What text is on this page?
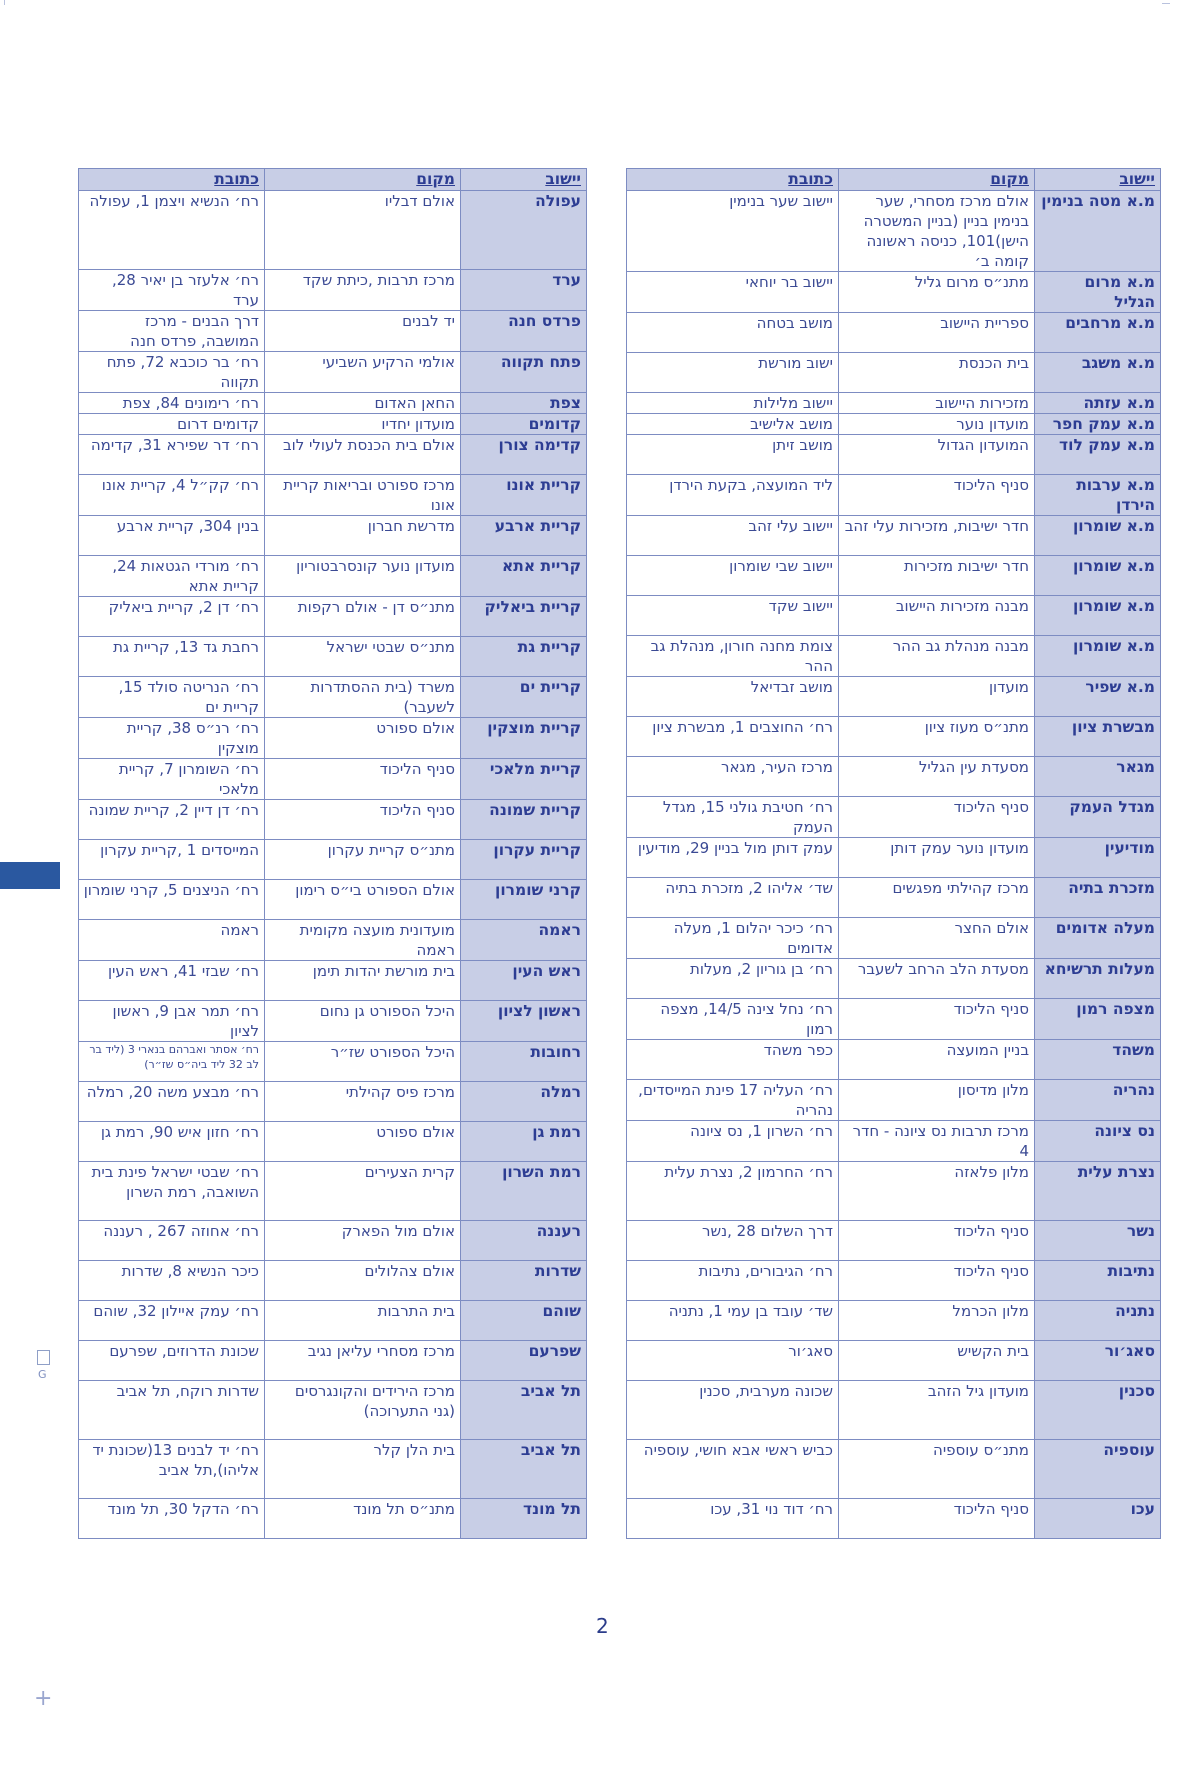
יישוב	מקום	כתובת
מ.א מטה בנימין	אולם מרכז מסחרי, שער בנימין בניין (בניין המשטרה הישן)101, כניסה ראשונה קומה ב׳	יישוב שער בנימין
מ.א מרום הגליל	מתנ״ס מרום גליל	יישוב בר יוחאי
מ.א מרחבים	ספריית היישוב	מושב בטחה
מ.א משגב	בית הכנסת	ישוב מורשת
מ.א עזתה	מזכירות היישוב	יישוב מלילות
מ.א עמק חפר	מועדון נוער	מושב אלישיב
מ.א עמק לוד	המועדון הגדול	מושב זיתן
מ.א ערבות הירדן	סניף הליכוד	ליד המועצה, בקעת הירדן
מ.א שומרון	חדר ישיבות, מזכירות עלי זהב	יישוב עלי זהב
מ.א שומרון	חדר ישיבות מזכירות	יישוב שבי שומרון
מ.א שומרון	מבנה מזכירות היישוב	יישוב שקד
מ.א שומרון	מבנה מנהלת גב ההר	צומת מחנה חורון, מנהלת גב ההר
מ.א שפיר	מועדון	מושב זבדיאל
מבשרת ציון	מתנ״ס מעוז ציון	רח׳ החוצבים 1, מבשרת ציון
מגאר	מסעדת עין הגליל	מרכז העיר, מגאר
מגדל העמק	סניף הליכוד	רח׳ חטיבת גולני 15, מגדל העמק
מודיעין	מועדון נוער עמק דותן	עמק דותן מול בניין 29, מודיעין
מזכרת בתיה	מרכז קהילתי מפגשים	שד׳ אליהו 2, מזכרת בתיה
מעלה אדומים	אולם החצר	רח׳ כיכר יהלום 1, מעלה אדומים
מעלות תרשיחא	מסעדת הלב הרחב לשעבר	רח׳ בן גוריון 2, מעלות
מצפה רמון	סניף הליכוד	רח׳ נחל צינה 14/5, מצפה רמון
משהד	בניין המועצה	כפר משהד
נהריה	מלון מדיסון	רח׳ העליה 17 פינת המייסדים, נהריה
נס ציונה	מרכז תרבות נס ציונה - חדר 4	רח׳ השרון 1, נס ציונה
נצרת עלית	מלון פלאזה	רח׳ החרמון 2, נצרת עלית
נשר	סניף הליכוד	דרך השלום 28 ,נשר
נתיבות	סניף הליכוד	רח׳ הגיבורים, נתיבות
נתניה	מלון הכרמל	שד׳ עובד בן עמי 1, נתניה
סאג׳ור	בית הקשיש	סאג׳ור
סכנין	מועדון גיל הזהב	שכונה מערבית, סכנין
עוספיה	מתנ״ס עוספיה	כביש ראשי אבא חושי, עוספיה
עכו	סניף הליכוד	רח׳ דוד נוי 31, עכו
יישוב	מקום	כתובת
עפולה	אולם דבליו	רח׳ הנשיא ויצמן 1, עפולה
ערד	מרכז תרבות ,כיתת שקד	רח׳ אלעזר בן יאיר 28, ערד
פרדס חנה	יד לבנים	דרך הבנים - מרכז המושבה, פרדס חנה
פתח תקווה	אולמי הרקיע השביעי	רח׳ בר כוכבא 72, פתח תקווה
צפת	החאן האדום	רח׳ רימונים 84, צפת
קדומים	מועדון יחדיו	קדומים דרום
קדימה צורן	אולם בית הכנסת לעולי לוב	רח׳ דר שפירא 31, קדימה
קריית אונו	מרכז ספורט ובריאות קריית אונו	רח׳ קק״ל 4, קריית אונו
קריית ארבע	מדרשת חברון	בנין 304, קריית ארבע
קריית אתא	מועדון נוער קונסרבטוריון	רח׳ מורדי הגטאות 24, קריית אתא
קריית ביאליק	מתנ״ס דן - אולם רקפות	רח׳ דן 2, קריית ביאליק
קריית גת	מתנ״ס שבטי ישראל	רחבת גד 13, קריית גת
קריית ים	משרד (בית ההסתדרות לשעבר)	רח׳ הנריטה סולד 15, קריית ים
קריית מוצקין	אולם ספורט	רח׳ רנ״ס 38, קריית מוצקין
קריית מלאכי	סניף הליכוד	רח׳ השומרון 7, קריית מלאכי
קריית שמונה	סניף הליכוד	רח׳ דן דיין 2, קריית שמונה
קריית עקרון	מתנ״ס קריית עקרון	המייסדים 1 ,קריית עקרון
קרני שומרון	אולם הספורט בי״ס רימון	רח׳ הניצנים 5, קרני שומרון
ראמה	מועדונית מועצה מקומית ראמה	ראמה
ראש העין	בית מורשת יהדות תימן	רח׳ שבזי 41, ראש העין
ראשון לציון	היכל הספורט גן נחום	רח׳ תמר אבן 9, ראשון לציון
רחובות	היכל הספורט שז״ר	רח׳ אסתר ואברהם בנארי 3 (ליד בר לב 32 ליד ביה״ס שז״ר)
רמלה	מרכז פיס קהילתי	רח׳ מבצע משה 20, רמלה
רמת גן	אולם ספורט	רח׳ חזון איש 90, רמת גן
רמת השרון	קרית הצעירים	רח׳ שבטי ישראל פינת בית השואבה, רמת השרון
רעננה	אולם מול הפארק	רח׳ אחוזה 267 , רעננה
שדרות	אולם צהלולים	כיכר הנשיא 8, שדרות
שוהם	בית התרבות	רח׳ עמק איילון 32, שוהם
שפרעם	מרכז מסחרי עליאן נגיב	שכונת הדרוזים, שפרעם
תל אביב	מרכז הירידים והקונגרסים (גני התערוכה)	שדרות רוקח, תל אביב
תל אביב	בית הלן קלר	רח׳ יד לבנים 13(שכונת יד אליהו),תל אביב
תל מונד	מתנ״ס תל מונד	רח׳ הדקל 30, תל מונד
G
2
+
